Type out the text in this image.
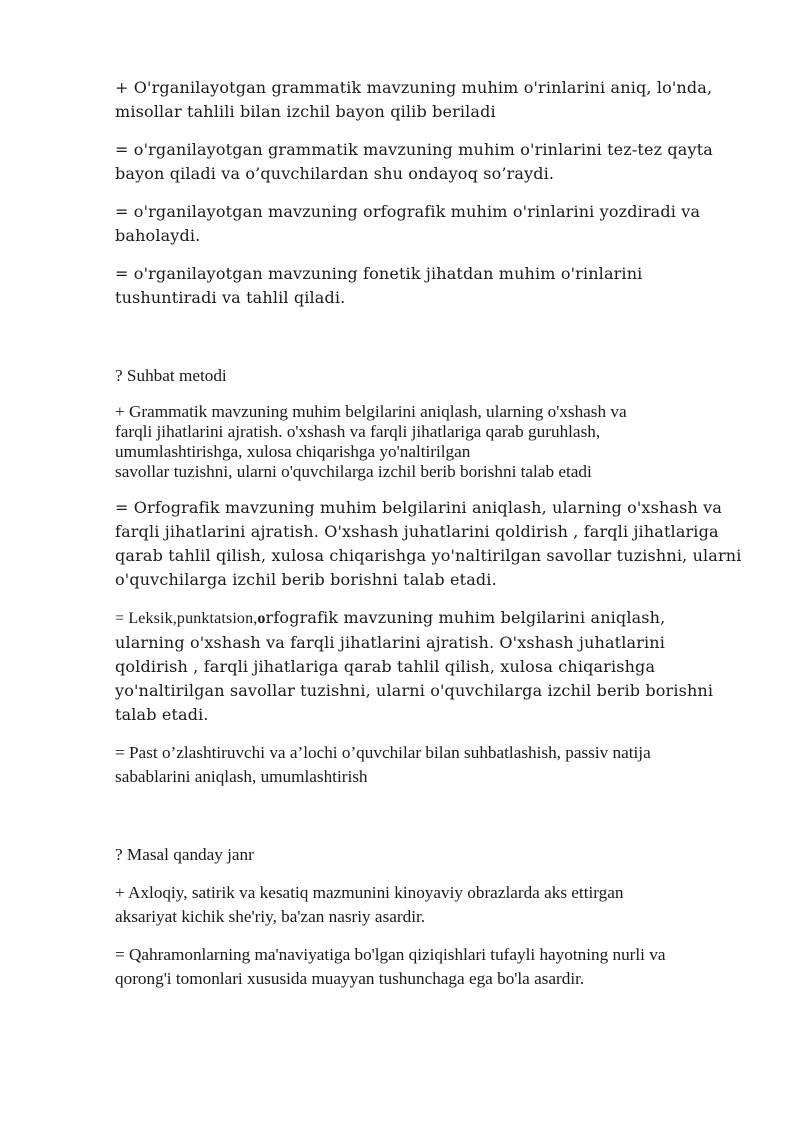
+ O'rganilayotgan grammatik mavzuning muhim o'rinlarini aniq, lo'nda,
misollar tahlili bilan izchil bayon qilib beriladi

= o'rganilayotgan grammatik mavzuning muhim o'rinlarini tez-tez qayta
bayon qiladi va o’quvchilardan shu ondayoq so’raydi.

= o'rganilayotgan mavzuning orfografik muhim o'rinlarini yozdiradi va
baholaydi.

= o'rganilayotgan mavzuning fonetik jihatdan muhim o'rinlarini
tushuntiradi va tahlil qiladi.

? Suhbat metodi

+ Grammatik mavzuning muhim belgilarini aniqlash, ularning o'xshash va
farqli jihatlarini ajratish. o'xshash va farqli jihatlariga qarab guruhlash,
umumlashtirishga, xulosa chiqarishga yo'naltirilgan
savollar tuzishni, ularni o'quvchilarga izchil berib borishni talab etadi

= Orfografik mavzuning muhim belgilarini aniqlash, ularning o'xshash va
farqli jihatlarini ajratish. O'xshash juhatlarini qoldirish , farqli jihatlariga
qarab tahlil qilish, xulosa chiqarishga yo'naltirilgan savollar tuzishni, ularni
o'quvchilarga izchil berib borishni talab etadi.

= Leksik,punktatsion,orfografik mavzuning muhim belgilarini aniqlash,
ularning o'xshash va farqli jihatlarini ajratish. O'xshash juhatlarini
qoldirish , farqli jihatlariga qarab tahlil qilish, xulosa chiqarishga
yo'naltirilgan savollar tuzishni, ularni o'quvchilarga izchil berib borishni
talab etadi.

= Past o’zlashtiruvchi va a’lochi o’quvchilar bilan suhbatlashish, passiv natija
sabablarini aniqlash, umumlashtirish

? Masal qanday janr

+ Axloqiy, satirik va kesatiq mazmunini kinoyaviy obrazlarda aks ettirgan
aksariyat kichik she'riy, ba'zan nasriy asardir.

= Qahramonlarning ma'naviyatiga bo'lgan qiziqishlari tufayli hayotning nurli va
qorong'i tomonlari xususida muayyan tushunchaga ega bo'la asardir.
